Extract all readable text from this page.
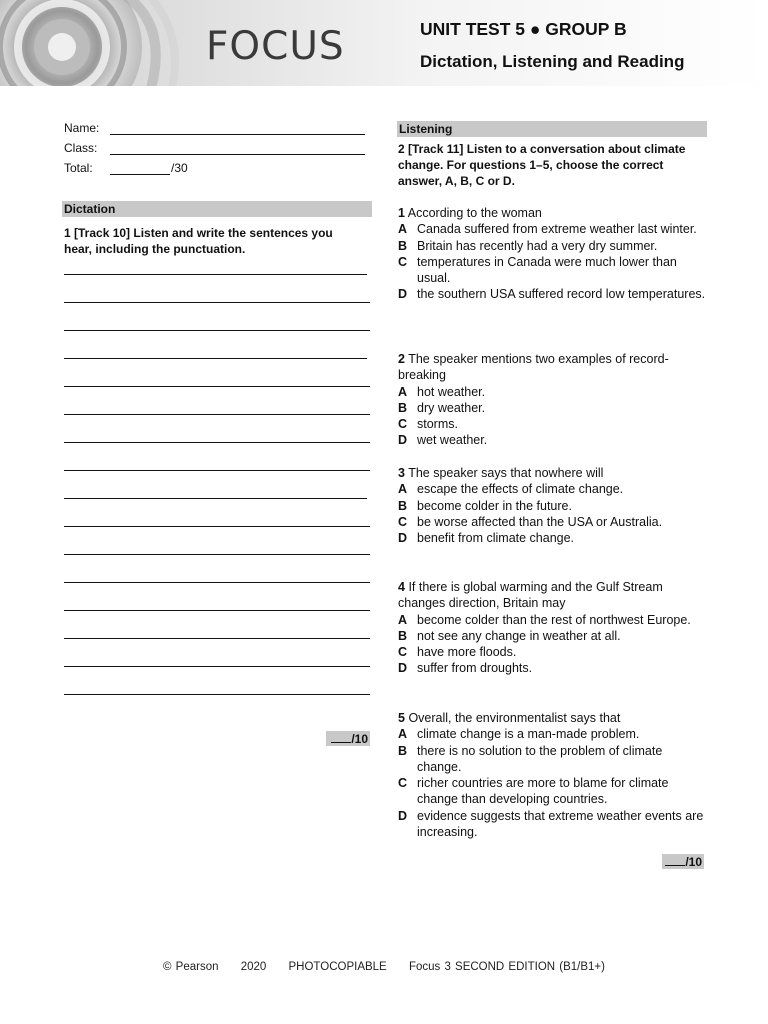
FOCUS	UNIT TEST 5 ● GROUP B
Dictation, Listening and Reading
Name:
Class:
Total:	/30
Dictation
1 [Track 10] Listen and write the sentences you hear, including the punctuation.
/10
Listening
2 [Track 11] Listen to a conversation about climate change. For questions 1–5, choose the correct answer, A, B, C or D.

1 According to the woman

A Canada suffered from extreme weather last winter.

B Britain has recently had a very dry summer.

C temperatures in Canada were much lower than usual.

D the southern USA suffered record low temperatures.

2 The speaker mentions two examples of record-breaking

A hot weather.

B dry weather.

C storms.

D wet weather.

3 The speaker says that nowhere will

A escape the effects of climate change.

B become colder in the future.

C be worse affected than the USA or Australia.

D benefit from climate change.

4 If there is global warming and the Gulf Stream changes direction, Britain may

A become colder than the rest of northwest Europe.

B not see any change in weather at all.

C have more floods.

D suffer from droughts.

5 Overall, the environmentalist says that

A climate change is a man-made problem.

B there is no solution to the problem of climate change.

C richer countries are more to blame for climate change than developing countries.

D evidence suggests that extreme weather events are increasing.

/10
© Pearson 2020 PHOTOCOPIABLE Focus 3 SECOND EDITION (B1/B1+)
